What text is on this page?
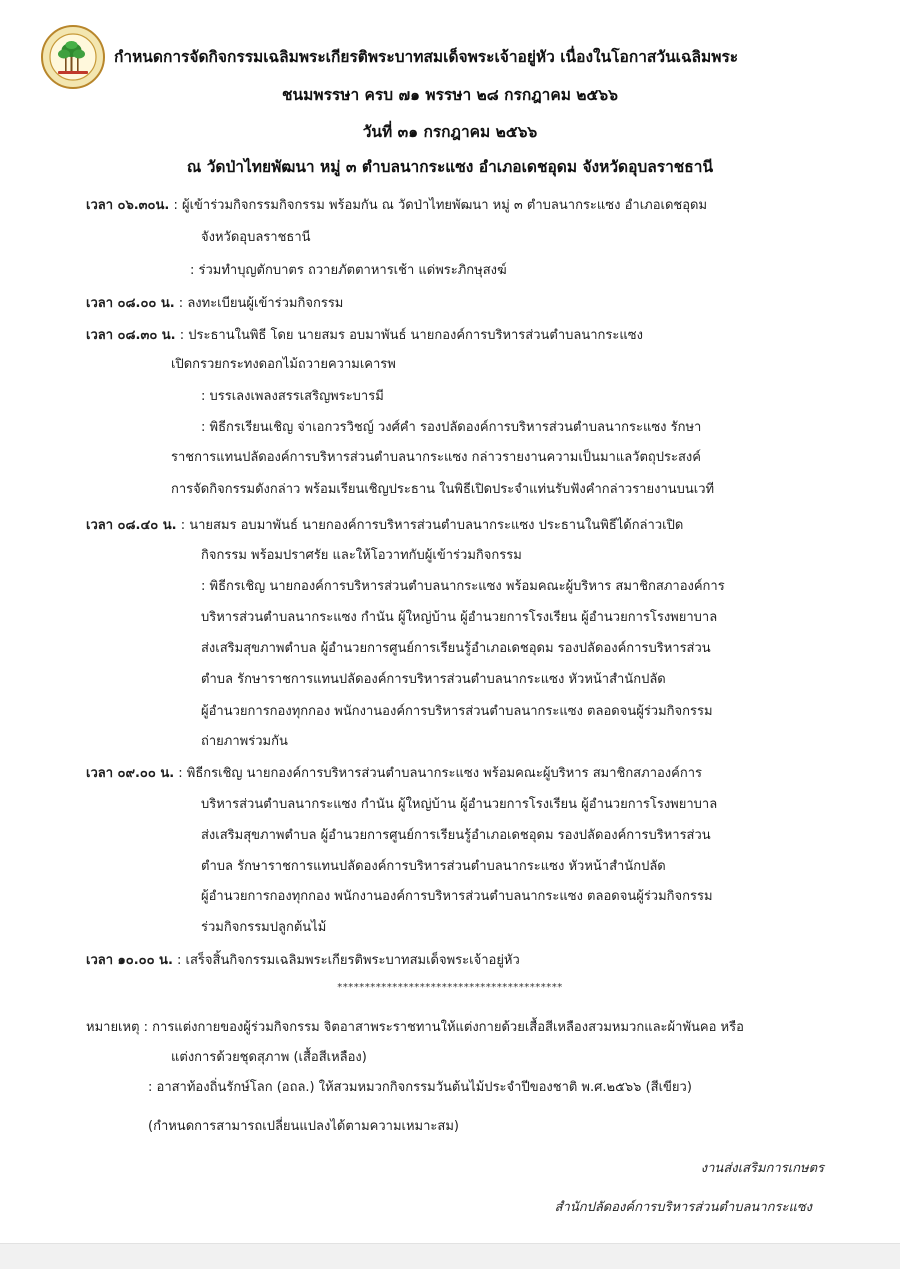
กำหนดการจัดกิจกรรมเฉลิมพระเกียรติพระบาทสมเด็จพระเจ้าอยู่หัว เนื่องในโอกาสวันเฉลิมพระ
ชนมพรรษา ครบ ๗๑ พรรษา ๒๘ กรกฎาคม ๒๕๖๖
วันที่ ๓๑ กรกฎาคม ๒๕๖๖
ณ วัดป่าไทยพัฒนา หมู่ ๓ ตำบลนากระแซง อำเภอเดชอุดม จังหวัดอุบลราชธานี
เวลา ๐๖.๓๐น. : ผู้เข้าร่วมกิจกรรมกิจกรรม พร้อมกัน ณ วัดป่าไทยพัฒนา หมู่ ๓ ตำบลนากระแซง อำเภอเดชอุดม
จังหวัดอุบลราชธานี
: ร่วมทำบุญตักบาตร ถวายภัตตาหารเช้า แด่พระภิกษุสงฆ์
เวลา ๐๘.๐๐ น. : ลงทะเบียนผู้เข้าร่วมกิจกรรม
เวลา ๐๘.๓๐ น. : ประธานในพิธี โดย นายสมร อบมาพันธ์ นายกองค์การบริหารส่วนตำบลนากระแซง
เปิดกรวยกระทงดอกไม้ถวายความเคารพ
: บรรเลงเพลงสรรเสริญพระบารมี
: พิธีกรเรียนเชิญ จ่าเอกวรวิชญ์ วงศ์คำ รองปลัดองค์การบริหารส่วนตำบลนากระแซง รักษา
ราชการแทนปลัดองค์การบริหารส่วนตำบลนากระแซง กล่าวรายงานความเป็นมาแลวัตถุประสงค์
การจัดกิจกรรมดังกล่าว พร้อมเรียนเชิญประธาน ในพิธีเปิดประจำแท่นรับฟังคำกล่าวรายงานบนเวที
เวลา ๐๘.๔๐ น. : นายสมร อบมาพันธ์ นายกองค์การบริหารส่วนตำบลนากระแซง ประธานในพิธีได้กล่าวเปิด
กิจกรรม พร้อมปราศรัย และให้โอวาทกับผู้เข้าร่วมกิจกรรม
: พิธีกรเชิญ นายกองค์การบริหารส่วนตำบลนากระแซง พร้อมคณะผู้บริหาร สมาชิกสภาองค์การ
บริหารส่วนตำบลนากระแซง กำนัน ผู้ใหญ่บ้าน ผู้อำนวยการโรงเรียน ผู้อำนวยการโรงพยาบาล
ส่งเสริมสุขภาพตำบล ผู้อำนวยการศูนย์การเรียนรู้อำเภอเดชอุดม รองปลัดองค์การบริหารส่วน
ตำบล รักษาราชการแทนปลัดองค์การบริหารส่วนตำบลนากระแซง หัวหน้าสำนักปลัด
ผู้อำนวยการกองทุกกอง พนักงานองค์การบริหารส่วนตำบลนากระแซง ตลอดจนผู้ร่วมกิจกรรม
ถ่ายภาพร่วมกัน
เวลา ๐๙.๐๐ น. : พิธีกรเชิญ นายกองค์การบริหารส่วนตำบลนากระแซง พร้อมคณะผู้บริหาร สมาชิกสภาองค์การ
บริหารส่วนตำบลนากระแซง กำนัน ผู้ใหญ่บ้าน ผู้อำนวยการโรงเรียน ผู้อำนวยการโรงพยาบาล
ส่งเสริมสุขภาพตำบล ผู้อำนวยการศูนย์การเรียนรู้อำเภอเดชอุดม รองปลัดองค์การบริหารส่วน
ตำบล รักษาราชการแทนปลัดองค์การบริหารส่วนตำบลนากระแซง หัวหน้าสำนักปลัด
ผู้อำนวยการกองทุกกอง พนักงานองค์การบริหารส่วนตำบลนากระแซง ตลอดจนผู้ร่วมกิจกรรม
ร่วมกิจกรรมปลูกต้นไม้
เวลา ๑๐.๐๐ น. : เสร็จสิ้นกิจกรรมเฉลิมพระเกียรติพระบาทสมเด็จพระเจ้าอยู่หัว
*****************************************
หมายเหตุ : การแต่งกายของผู้ร่วมกิจกรรม จิตอาสาพระราชทานให้แต่งกายด้วยเสื้อสีเหลืองสวมหมวกและผ้าพันคอ หรือ
แต่งการด้วยชุดสุภาพ (เสื้อสีเหลือง)
: อาสาท้องถิ่นรักษ์โลก (อถล.) ให้สวมหมวกกิจกรรมวันต้นไม้ประจำปีของชาติ พ.ศ.๒๕๖๖ (สีเขียว)
(กำหนดการสามารถเปลี่ยนแปลงได้ตามความเหมาะสม)
งานส่งเสริมการเกษตร
สำนักปลัดองค์การบริหารส่วนตำบลนากระแซง
